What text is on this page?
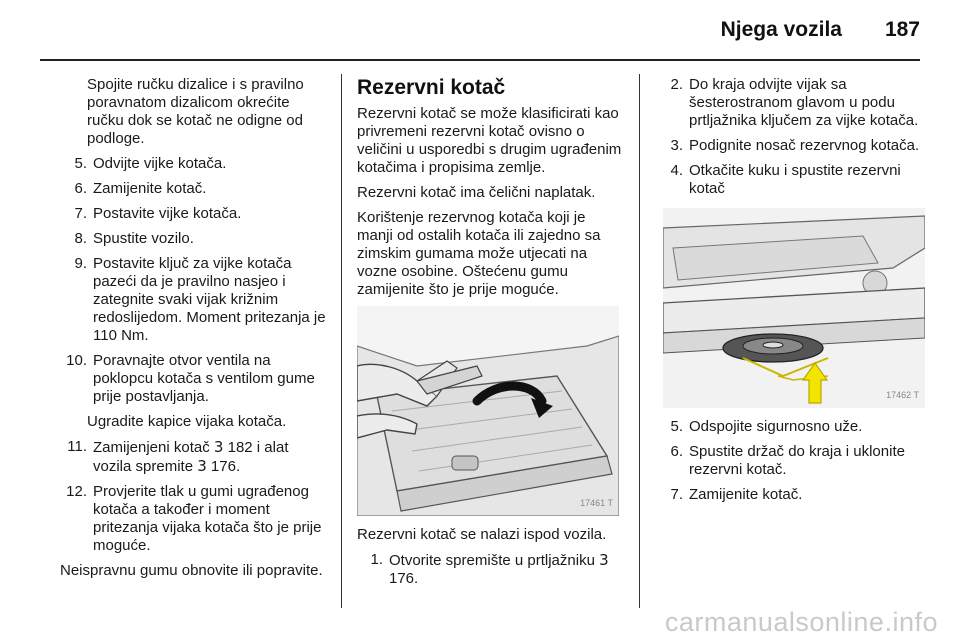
Njega vozila 187
Spojite ručku dizalice i s pravilno poravnatom dizalicom okrećite ručku dok se kotač ne odigne od podloge.
5. Odvijte vijke kotača.
6. Zamijenite kotač.
7. Postavite vijke kotača.
8. Spustite vozilo.
9. Postavite ključ za vijke kotača pazeći da je pravilno nasjeo i zategnite svaki vijak križnim redoslijedom. Moment pritezanja je 110 Nm.
10. Poravnajte otvor ventila na poklopcu kotača s ventilom gume prije postavljanja.
Ugradite kapice vijaka kotača.
11. Zamijenjeni kotač 3 182 i alat vozila spremite 3 176.
12. Provjerite tlak u gumi ugrađenog kotača a također i moment pritezanja vijaka kotača što je prije moguće.
Neispravnu gumu obnovite ili popravite.
Rezervni kotač
Rezervni kotač se može klasificirati kao privremeni rezervni kotač ovisno o veličini u usporedbi s drugim ugrađenim kotačima i propisima zemlje.
Rezervni kotač ima čelični naplatak.
Korištenje rezervnog kotača koji je manji od ostalih kotača ili zajedno sa zimskim gumama može utjecati na vozne osobine. Oštećenu gumu zamijenite što je prije moguće.
17461 T
Rezervni kotač se nalazi ispod vozila.
1. Otvorite spremište u prtljažniku 3 176.
2. Do kraja odvijte vijak sa šesterostranom glavom u podu prtljažnika ključem za vijke kotača.
3. Podignite nosač rezervnog kotača.
4. Otkačite kuku i spustite rezervni kotač
17462 T
5. Odspojite sigurnosno uže.
6. Spustite držač do kraja i uklonite rezervni kotač.
7. Zamijenite kotač.
carmanualsonline.info
